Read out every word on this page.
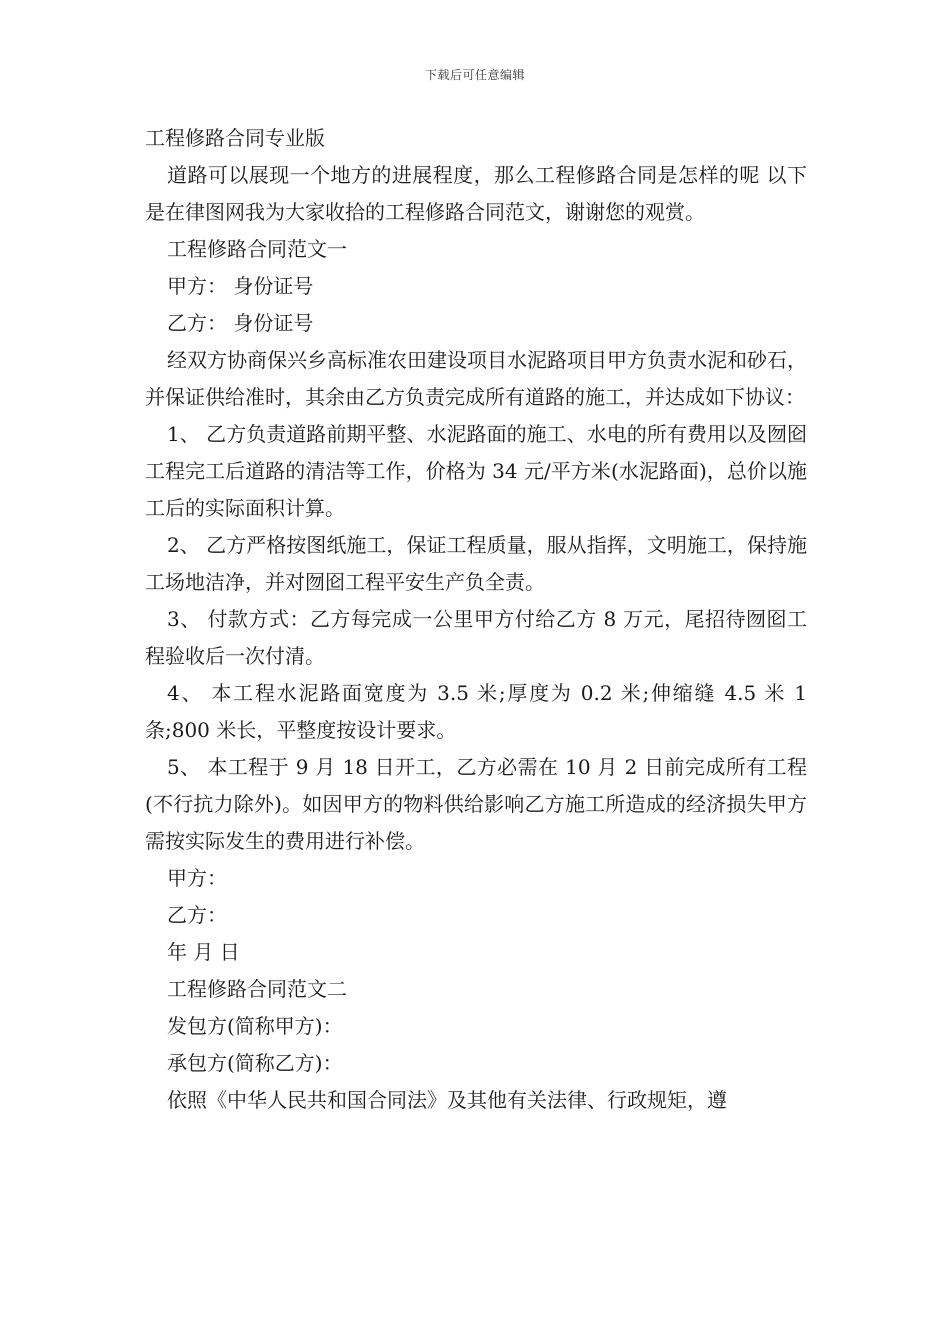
下载后可任意编辑

工程修路合同专业版

道路可以展现一个地方的进展程度，那么工程修路合同是怎样的呢 以下是在律图网我为大家收拾的工程修路合同范文，谢谢您的观赏。

工程修路合同范文一

甲方： 身份证号

乙方： 身份证号

经双方协商保兴乡高标准农田建设项目水泥路项目甲方负责水泥和砂石，并保证供给准时，其余由乙方负责完成所有道路的施工，并达成如下协议：

1、 乙方负责道路前期平整、水泥路面的施工、水电的所有费用以及囫囵工程完工后道路的清洁等工作，价格为 34 元/平方米(水泥路面)，总价以施工后的实际面积计算。

2、 乙方严格按图纸施工，保证工程质量，服从指挥，文明施工，保持施工场地洁净，并对囫囵工程平安生产负全责。

3、 付款方式：乙方每完成一公里甲方付给乙方 8 万元，尾招待囫囵工程验收后一次付清。

4、 本工程水泥路面宽度为 3.5 米;厚度为 0.2 米;伸缩缝 4.5 米 1 条;800 米长，平整度按设计要求。

5、 本工程于 9 月 18 日开工，乙方必需在 10 月 2 日前完成所有工程(不行抗力除外)。如因甲方的物料供给影响乙方施工所造成的经济损失甲方需按实际发生的费用进行补偿。

甲方：

乙方：

年 月 日

工程修路合同范文二

发包方(简称甲方)：

承包方(简称乙方)：

依照《中华人民共和国合同法》及其他有关法律、行政规矩，遵
